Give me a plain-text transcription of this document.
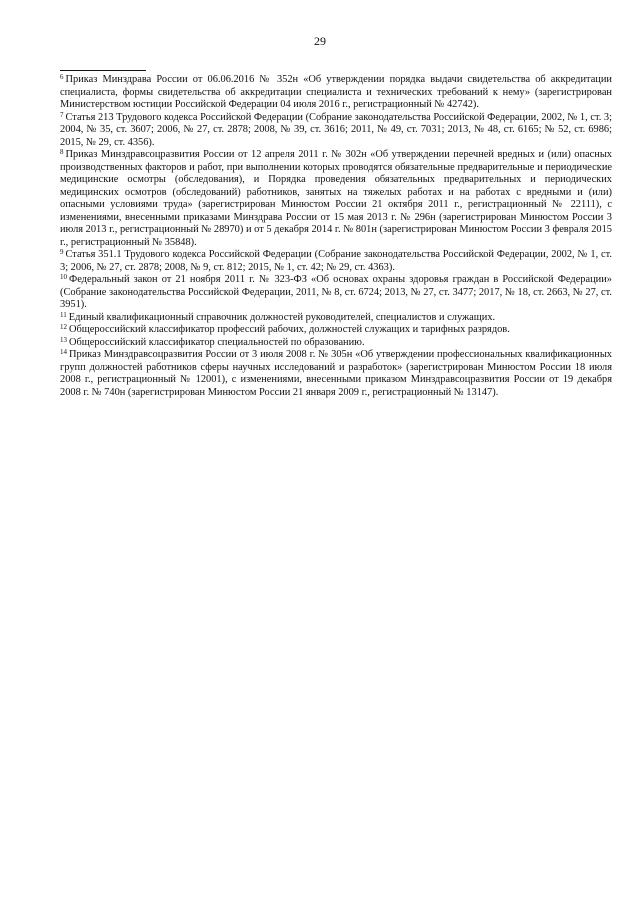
29

$^6$ Приказ Минздрава России от 06.06.2016 № 352н «Об утверждении порядка выдачи свидетельства об аккредитации специалиста, формы свидетельства об аккредитации специалиста и технических требований к нему» (зарегистрирован Министерством юстиции Российской Федерации 04 июля 2016 г., регистрационный № 42742).

$^7$ Статья 213 Трудового кодекса Российской Федерации (Собрание законодательства Российской Федерации, 2002, № 1, ст. 3; 2004, № 35, ст. 3607; 2006, № 27, ст. 2878; 2008, № 39, ст. 3616; 2011, № 49, ст. 7031; 2013, № 48, ст. 6165; № 52, ст. 6986; 2015, № 29, ст. 4356).

$^8$ Приказ Минздравсоцразвития России от 12 апреля 2011 г. № 302н «Об утверждении перечней вредных и (или) опасных производственных факторов и работ, при выполнении которых проводятся обязательные предварительные и периодические медицинские осмотры (обследования), и Порядка проведения обязательных предварительных и периодических медицинских осмотров (обследований) работников, занятых на тяжелых работах и на работах с вредными и (или) опасными условиями труда» (зарегистрирован Минюстом России 21 октября 2011 г., регистрационный № 22111), с изменениями, внесенными приказами Минздрава России от 15 мая 2013 г. № 296н (зарегистрирован Минюстом России 3 июля 2013 г., регистрационный № 28970) и от 5 декабря 2014 г. № 801н (зарегистрирован Минюстом России 3 февраля 2015 г., регистрационный № 35848).

$^9$ Статья 351.1 Трудового кодекса Российской Федерации (Собрание законодательства Российской Федерации, 2002, № 1, ст. 3; 2006, № 27, ст. 2878; 2008, № 9, ст. 812; 2015, № 1, ст. 42; № 29, ст. 4363).

$^{10}$ Федеральный закон от 21 ноября 2011 г. № 323-ФЗ «Об основах охраны здоровья граждан в Российской Федерации» (Собрание законодательства Российской Федерации, 2011, № 8, ст. 6724; 2013, № 27, ст. 3477; 2017, № 18, ст. 2663, № 27, ст. 3951).

$^{11}$ Единый квалификационный справочник должностей руководителей, специалистов и служащих.

$^{12}$ Общероссийский классификатор профессий рабочих, должностей служащих и тарифных разрядов.

$^{13}$ Общероссийский классификатор специальностей по образованию.

$^{14}$ Приказ Минздравсоцразвития России от 3 июля 2008 г. № 305н «Об утверждении профессиональных квалификационных групп должностей работников сферы научных исследований и разработок» (зарегистрирован Минюстом России 18 июля 2008 г., регистрационный № 12001), с изменениями, внесенными приказом Минздравсоцразвития России от 19 декабря 2008 г. № 740н (зарегистрирован Минюстом России 21 января 2009 г., регистрационный № 13147).
